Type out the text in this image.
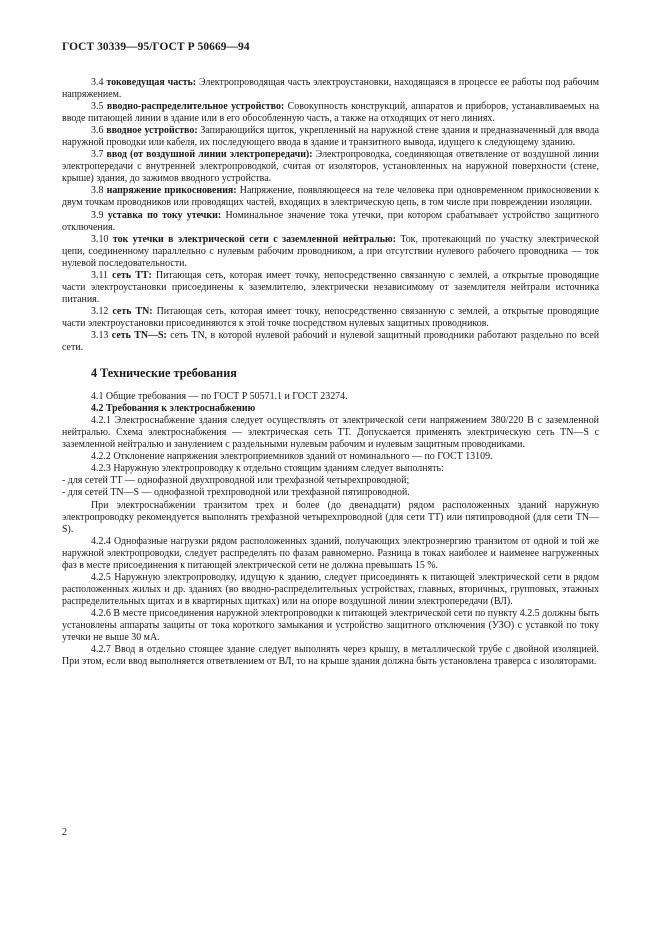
ГОСТ 30339—95/ГОСТ Р 50669—94

3.4 токоведущая часть: Электропроводящая часть электроустановки, находящаяся в процессе ее работы под рабочим напряжением.

3.5 вводно-распределительное устройство: Совокупность конструкций, аппаратов и приборов, устанавливаемых на вводе питающей линии в здание или в его обособленную часть, а также на отходящих от него линиях.

3.6 вводное устройство: Запирающийся щиток, укрепленный на наружной стене здания и предназначенный для ввода наружной проводки или кабеля, их последующего ввода в здание и транзитного вывода, идущего к следующему зданию.

3.7 ввод (от воздушной линии электропередачи): Электропроводка, соединяющая ответвление от воздушной линии электропередачи с внутренней электропроводкой, считая от изоляторов, установленных на наружной поверхности (стене, крыше) здания, до зажимов вводного устройства.

3.8 напряжение прикосновения: Напряжение, появляющееся на теле человека при одновременном прикосновении к двум точкам проводников или проводящих частей, входящих в электрическую цепь, в том числе при повреждении изоляции.

3.9 уставка по току утечки: Номинальное значение тока утечки, при котором срабатывает устройство защитного отключения.

3.10 ток утечки в электрической сети с заземленной нейтралью: Ток, протекающий по участку электрической цепи, соединенному параллельно с нулевым рабочим проводником, а при отсутствии нулевого рабочего проводника — ток нулевой последовательности.

3.11 сеть ТТ: Питающая сеть, которая имеет точку, непосредственно связанную с землей, а открытые проводящие части электроустановки присоединены к заземлителю, электрически независимому от заземлителя нейтрали источника питания.

3.12 сеть TN: Питающая сеть, которая имеет точку, непосредственно связанную с землей, а открытые проводящие части электроустановки присоединяются к этой точке посредством нулевых защитных проводников.

3.13 сеть TN—S: сеть TN, в которой нулевой рабочий и нулевой защитный проводники работают раздельно по всей сети.

4 Технические требования

4.1 Общие требования — по ГОСТ Р 50571.1 и ГОСТ 23274.

4.2 Требования к электроснабжению

4.2.1 Электроснабжение здания следует осуществлять от электрической сети напряжением 380/220 В с заземленной нейтралью. Схема электроснабжения — электрическая сеть ТТ. Допускается применять электрическую сеть TN—S с заземленной нейтралью и занулением с раздельными нулевым рабочим и нулевым защитным проводниками.

4.2.2 Отклонение напряжения электроприемников зданий от номинального — по ГОСТ 13109.

4.2.3 Наружную электропроводку к отдельно стоящим зданиям следует выполнять:

- для сетей ТТ — однофазной двухпроводной или трехфазной четырехпроводной;

- для сетей TN—S — однофазной трехпроводной или трехфазной пятипроводной.

При электроснабжении транзитом трех и более (до двенадцати) рядом расположенных зданий наружную электропроводку рекомендуется выполнять трехфазной четырехпроводной (для сети ТТ) или пятипроводной (для сети TN—S).

4.2.4 Однофазные нагрузки рядом расположенных зданий, получающих электроэнергию транзитом от одной и той же наружной электропроводки, следует распределять по фазам равномерно. Разница в токах наиболее и наименее нагруженных фаз в месте присоединения к питающей электрической сети не должна превышать 15 %.

4.2.5 Наружную электропроводку, идущую к зданию, следует присоединять к питающей электрической сети в рядом расположенных жилых и др. зданиях (во вводно-распределительных устройствах, главных, вторичных, групповых, этажных распределительных щитах и в квартирных щитках) или на опоре воздушной линии электропередачи (ВЛ).

4.2.6 В месте присоединения наружной электропроводки к питающей электрической сети по пункту 4.2.5 должны быть установлены аппараты защиты от тока короткого замыкания и устройство защитного отключения (УЗО) с уставкой по току утечки не выше 30 мА.

4.2.7 Ввод в отдельно стоящее здание следует выполнять через крышу, в металлической трубе с двойной изоляцией. При этом, если ввод выполняется ответвлением от ВЛ, то на крыше здания должна быть установлена траверса с изоляторами.

2
